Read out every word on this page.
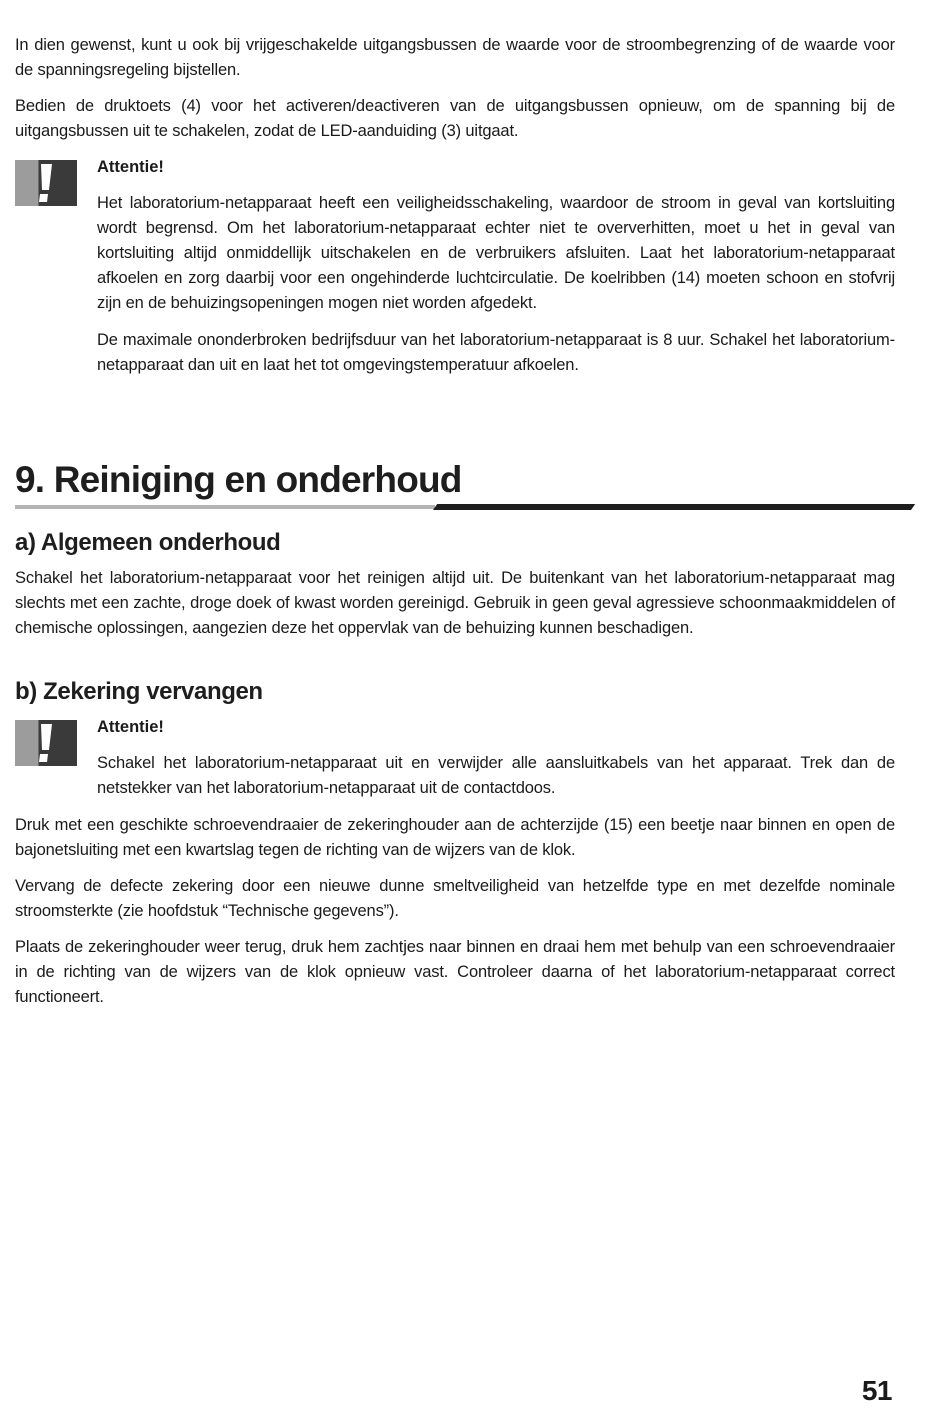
In dien gewenst, kunt u ook bij vrijgeschakelde uitgangsbussen de waarde voor de stroombegrenzing of de waarde voor de spanningsregeling bijstellen.

Bedien de druktoets (4) voor het activeren/deactiveren van de uitgangsbussen opnieuw, om de spanning bij de uitgangsbussen uit te schakelen, zodat de LED-aanduiding (3) uitgaat.

Attentie!

Het laboratorium-netapparaat heeft een veiligheidsschakeling, waardoor de stroom in geval van kortsluiting wordt begrensd. Om het laboratorium-netapparaat echter niet te oververhitten, moet u het in geval van kortsluiting altijd onmiddellijk uitschakelen en de verbruikers afsluiten. Laat het laboratorium-netapparaat afkoelen en zorg daarbij voor een ongehinderde luchtcirculatie. De koelribben (14) moeten schoon en stofvrij zijn en de behuizingsopeningen mogen niet worden afgedekt.

De maximale ononderbroken bedrijfsduur van het laboratorium-netapparaat is 8 uur. Schakel het laboratorium-netapparaat dan uit en laat het tot omgevingstemperatuur afkoelen.

9. Reiniging en onderhoud
a) Algemeen onderhoud

Schakel het laboratorium-netapparaat voor het reinigen altijd uit. De buitenkant van het laboratorium-netapparaat mag slechts met een zachte, droge doek of kwast worden gereinigd. Gebruik in geen geval agressieve schoonmaakmiddelen of chemische oplossingen, aangezien deze het oppervlak van de behuizing kunnen beschadigen.

b) Zekering vervangen

Attentie!

Schakel het laboratorium-netapparaat uit en verwijder alle aansluitkabels van het apparaat. Trek dan de netstekker van het laboratorium-netapparaat uit de contactdoos.

Druk met een geschikte schroevendraaier de zekeringhouder aan de achterzijde (15) een beetje naar binnen en open de bajonetsluiting met een kwartslag tegen de richting van de wijzers van de klok.

Vervang de defecte zekering door een nieuwe dunne smeltveiligheid van hetzelfde type en met dezelfde nominale stroomsterkte (zie hoofdstuk “Technische gegevens”).

Plaats de zekeringhouder weer terug, druk hem zachtjes naar binnen en draai hem met behulp van een schroevendraaier in de richting van de wijzers van de klok opnieuw vast. Controleer daarna of het laboratorium-netapparaat correct functioneert.

51
